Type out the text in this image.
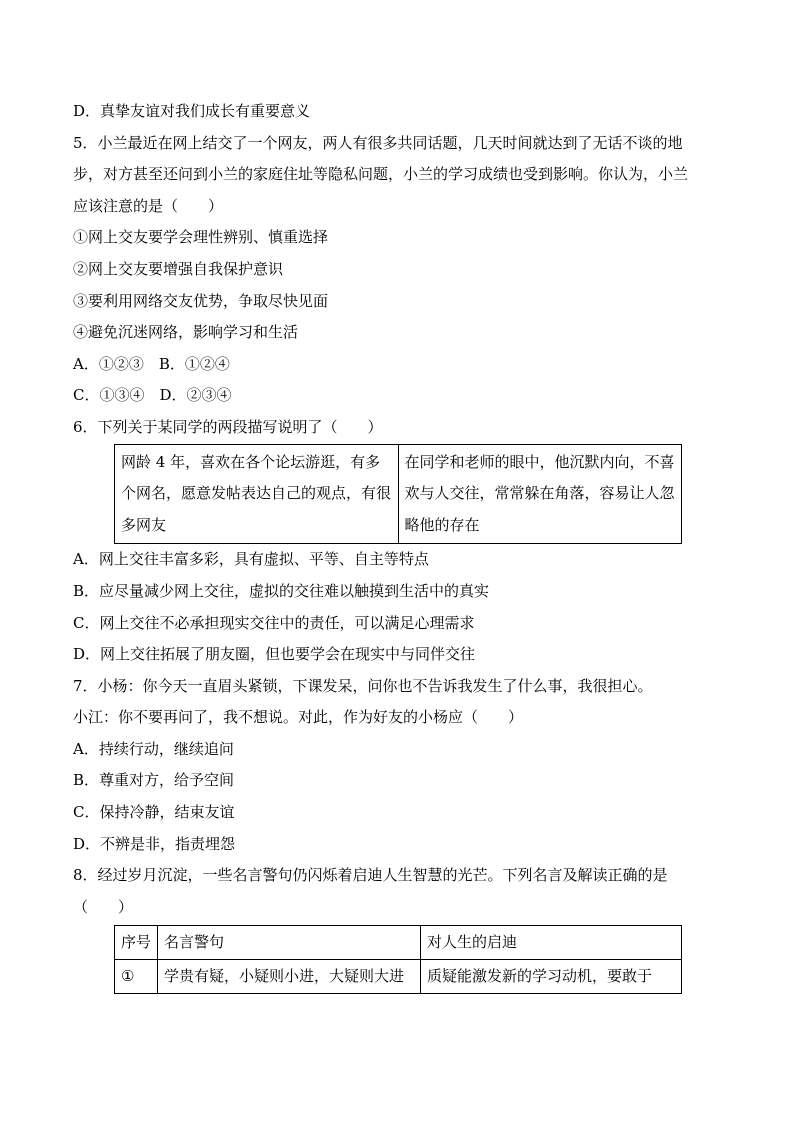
D．真挚友谊对我们成长有重要意义
5．小兰最近在网上结交了一个网友，两人有很多共同话题，几天时间就达到了无话不谈的地
步，对方甚至还问到小兰的家庭住址等隐私问题，小兰的学习成绩也受到影响。你认为，小兰
应该注意的是（　　）
①网上交友要学会理性辨别、慎重选择
②网上交友要增强自我保护意识
③要利用网络交友优势，争取尽快见面
④避免沉迷网络，影响学习和生活
A．①②③　B．①②④
C．①③④　D．②③④
6．下列关于某同学的两段描写说明了（　　）
网龄 4 年，喜欢在各个论坛游逛，有多个网名，愿意发帖表达自己的观点，有很多网友	在同学和老师的眼中，他沉默内向，不喜欢与人交往，常常躲在角落，容易让人忽略他的存在
A．网上交往丰富多彩，具有虚拟、平等、自主等特点
B．应尽量减少网上交往，虚拟的交往难以触摸到生活中的真实
C．网上交往不必承担现实交往中的责任，可以满足心理需求
D．网上交往拓展了朋友圈，但也要学会在现实中与同伴交往
7．小杨：你今天一直眉头紧锁，下课发呆，问你也不告诉我发生了什么事，我很担心。
小江：你不要再问了，我不想说。对此，作为好友的小杨应（　　）
A．持续行动，继续追问
B．尊重对方，给予空间
C．保持冷静，结束友谊
D．不辨是非，指责埋怨
8．经过岁月沉淀，一些名言警句仍闪烁着启迪人生智慧的光芒。下列名言及解读正确的是
（　　）
序号	名言警句	对人生的启迪
①	学贵有疑，小疑则小进，大疑则大进	质疑能激发新的学习动机，要敢于
